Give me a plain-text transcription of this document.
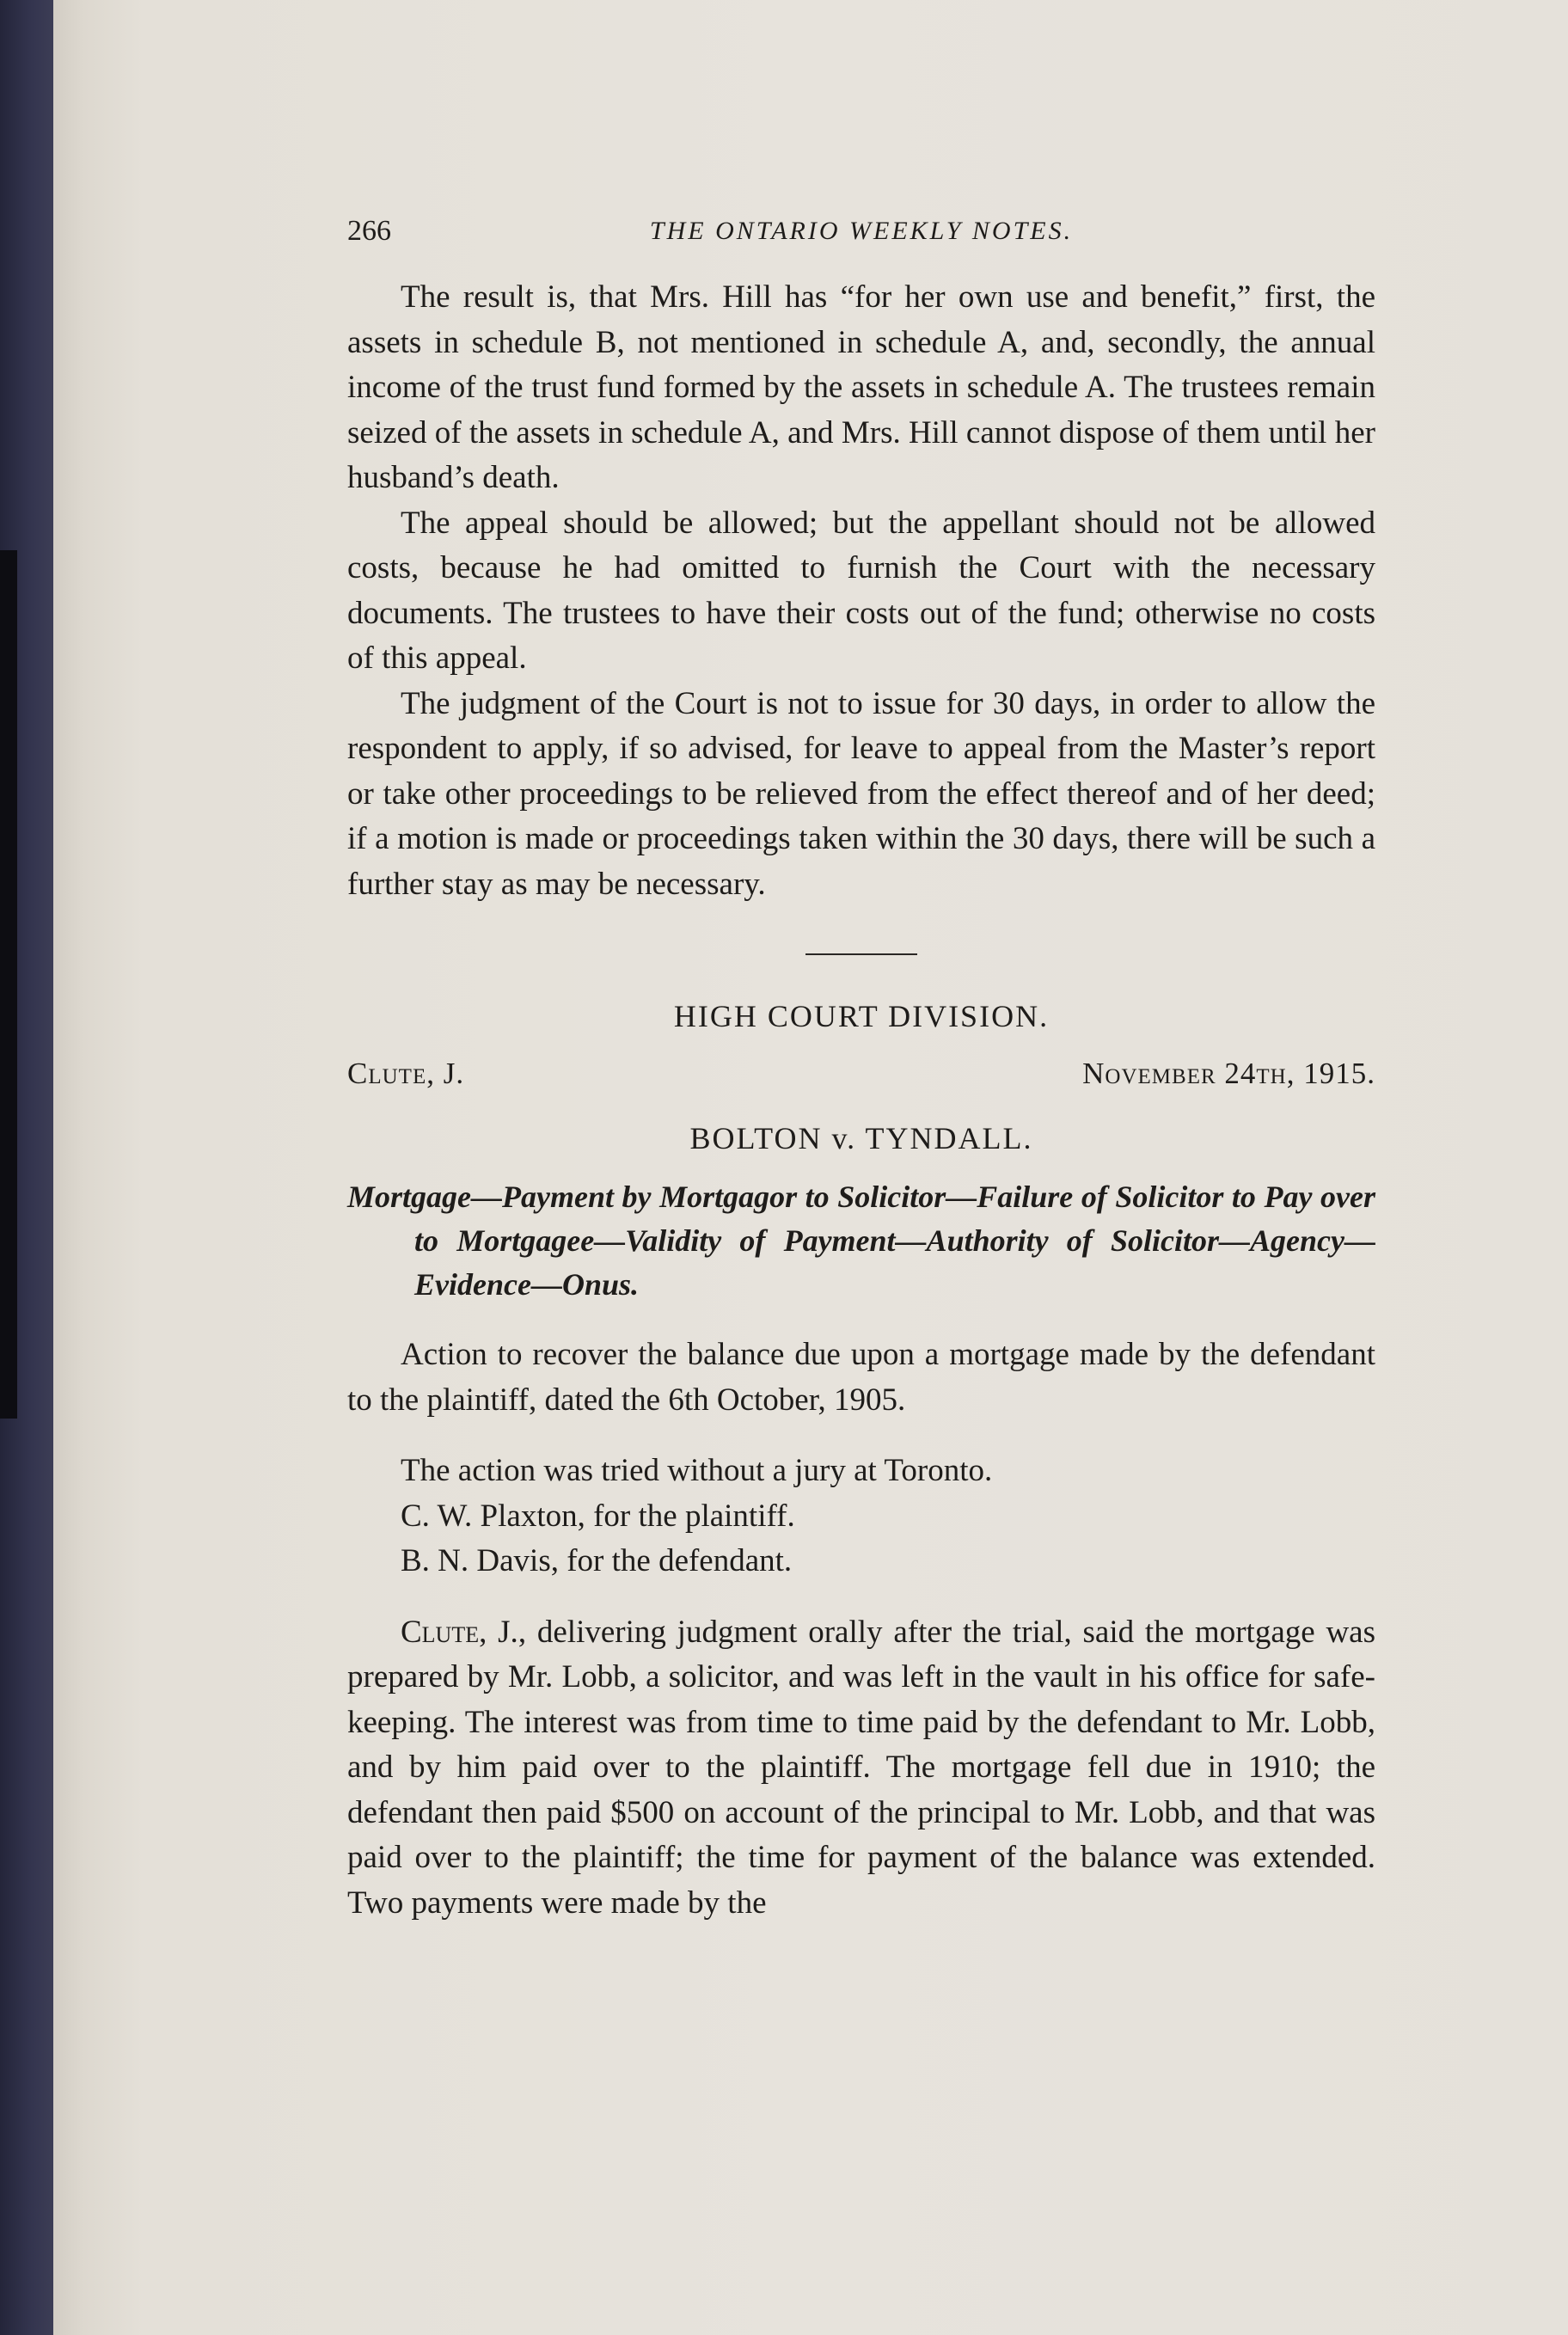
266	THE ONTARIO WEEKLY NOTES.

The result is, that Mrs. Hill has “for her own use and benefit,” first, the assets in schedule B, not mentioned in schedule A, and, secondly, the annual income of the trust fund formed by the assets in schedule A. The trustees remain seized of the assets in schedule A, and Mrs. Hill cannot dispose of them until her husband’s death.

The appeal should be allowed; but the appellant should not be allowed costs, because he had omitted to furnish the Court with the necessary documents. The trustees to have their costs out of the fund; otherwise no costs of this appeal.

The judgment of the Court is not to issue for 30 days, in order to allow the respondent to apply, if so advised, for leave to appeal from the Master’s report or take other proceedings to be relieved from the effect thereof and of her deed; if a motion is made or proceedings taken within the 30 days, there will be such a further stay as may be necessary.

HIGH COURT DIVISION.
Clute, J.	November 24th, 1915.
BOLTON v. TYNDALL.
Mortgage—Payment by Mortgagor to Solicitor—Failure of Solicitor to Pay over to Mortgagee—Validity of Payment—Authority of Solicitor—Agency—Evidence—Onus.

Action to recover the balance due upon a mortgage made by the defendant to the plaintiff, dated the 6th October, 1905.

The action was tried without a jury at Toronto.

C. W. Plaxton, for the plaintiff.

B. N. Davis, for the defendant.

Clute, J., delivering judgment orally after the trial, said the mortgage was prepared by Mr. Lobb, a solicitor, and was left in the vault in his office for safe-keeping. The interest was from time to time paid by the defendant to Mr. Lobb, and by him paid over to the plaintiff. The mortgage fell due in 1910; the defendant then paid $500 on account of the principal to Mr. Lobb, and that was paid over to the plaintiff; the time for payment of the balance was extended. Two payments were made by the
